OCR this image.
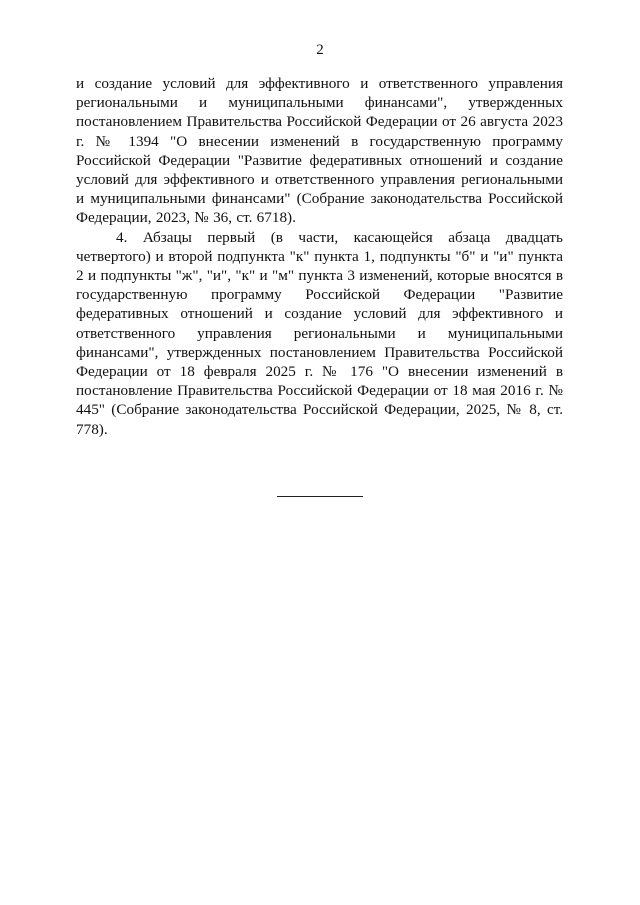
2

и создание условий для эффективного и ответственного управления региональными и муниципальными финансами", утвержденных постановлением Правительства Российской Федерации от 26 августа 2023 г. № 1394 "О внесении изменений в государственную программу Российской Федерации "Развитие федеративных отношений и создание условий для эффективного и ответственного управления региональными и муниципальными финансами" (Собрание законодательства Российской Федерации, 2023, № 36, ст. 6718).

4. Абзацы первый (в части, касающейся абзаца двадцать четвертого) и второй подпункта "к" пункта 1, подпункты "б" и "и" пункта 2 и подпункты "ж", "и", "к" и "м" пункта 3 изменений, которые вносятся в государственную программу Российской Федерации "Развитие федеративных отношений и создание условий для эффективного и ответственного управления региональными и муниципальными финансами", утвержденных постановлением Правительства Российской Федерации от 18 февраля 2025 г. № 176 "О внесении изменений в постановление Правительства Российской Федерации от 18 мая 2016 г. № 445" (Собрание законодательства Российской Федерации, 2025, № 8, ст. 778).
